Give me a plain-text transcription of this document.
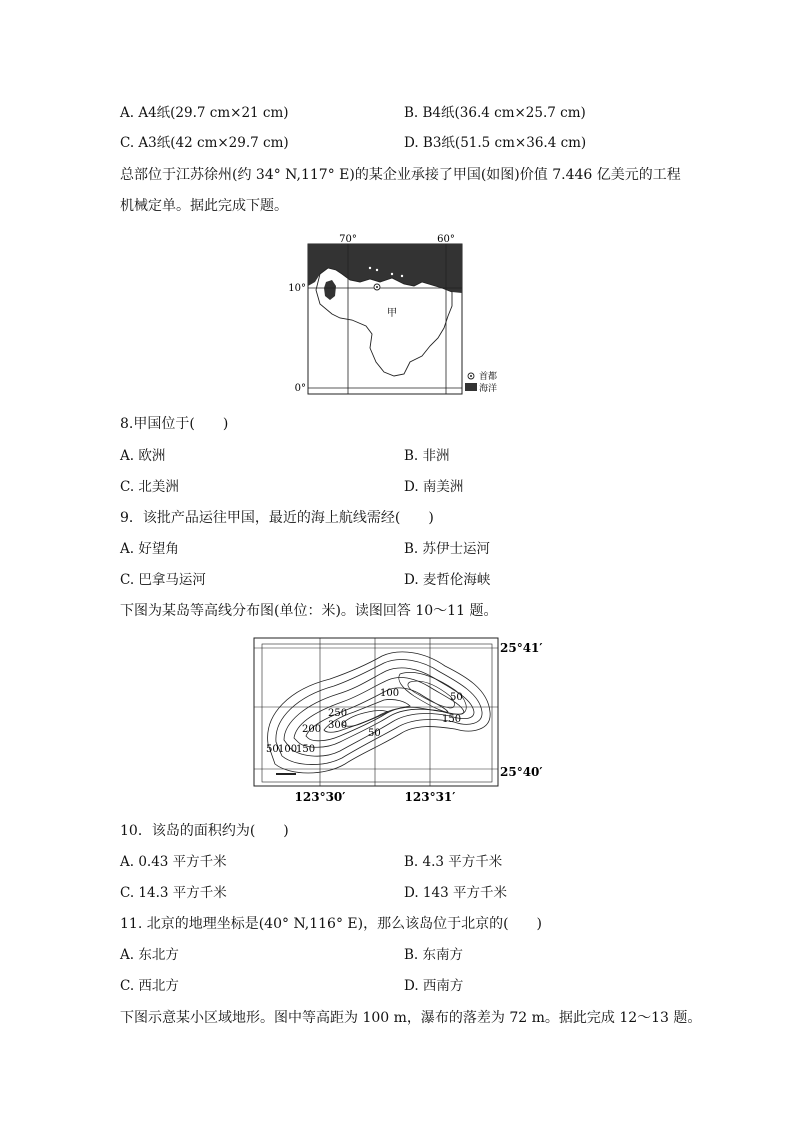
A. A4纸(29.7 cm×21 cm)	B. B4纸(36.4 cm×25.7 cm)
C. A3纸(42 cm×29.7 cm)	D. B3纸(51.5 cm×36.4 cm)
总部位于江苏徐州(约 34° N,117° E)的某企业承接了甲国(如图)价值 7.446 亿美元的工程
机械定单。据此完成下题。
70°	60°
10°
0°
甲
首都
海洋
8.甲国位于(　　)
A. 欧洲	B. 非洲
C. 北美洲	D. 南美洲
9．该批产品运往甲国，最近的海上航线需经(　　)
A. 好望角	B. 苏伊士运河
C. 巴拿马运河	D. 麦哲伦海峡
下图为某岛等高线分布图(单位：米)。读图回答 10～11 题。
100	50
250
300
200
150
50
50 100
150
25°41′
25°40′
123°30′	123°31′
10．该岛的面积约为(　　)
A. 0.43 平方千米	B. 4.3 平方千米
C. 14.3 平方千米	D. 143 平方千米
11. 北京的地理坐标是(40° N,116° E)，那么该岛位于北京的(　　)
A. 东北方	B. 东南方
C. 西北方	D. 西南方
下图示意某小区域地形。图中等高距为 100 m，瀑布的落差为 72 m。据此完成 12～13 题。
